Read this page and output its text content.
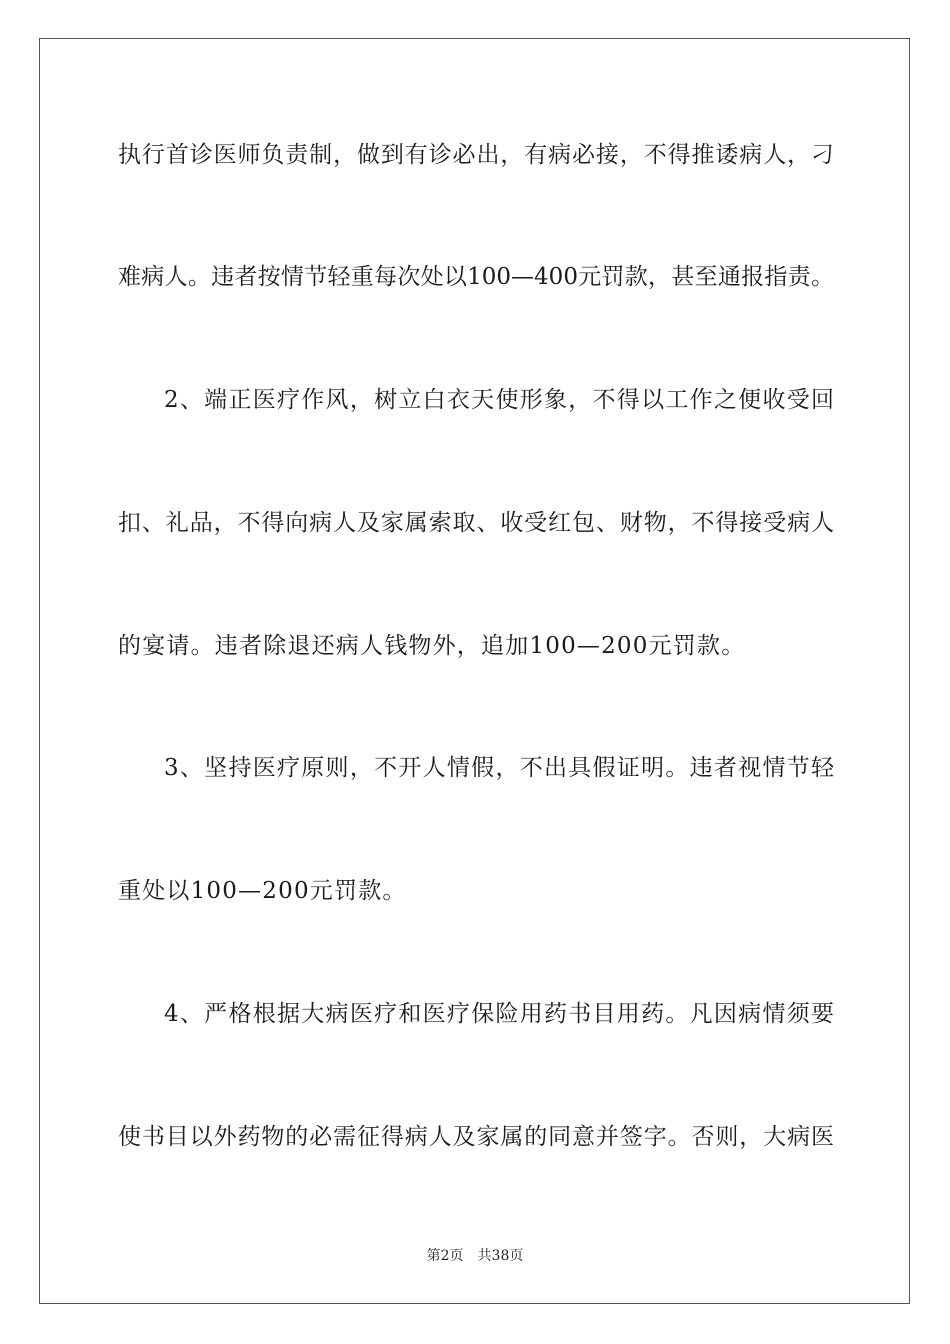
执行首诊医师负责制，做到有诊必出，有病必接，不得推诿病人，刁
难病人。违者按情节轻重每次处以100—400元罚款，甚至通报指责。
2、端正医疗作风，树立白衣天使形象，不得以工作之便收受回
扣、礼品，不得向病人及家属索取、收受红包、财物，不得接受病人
的宴请。违者除退还病人钱物外，追加100—200元罚款。
3、坚持医疗原则，不开人情假，不出具假证明。违者视情节轻
重处以100—200元罚款。
4、严格根据大病医疗和医疗保险用药书目用药。凡因病情须要
使书目以外药物的必需征得病人及家属的同意并签字。否则，大病医
第2页 共38页
